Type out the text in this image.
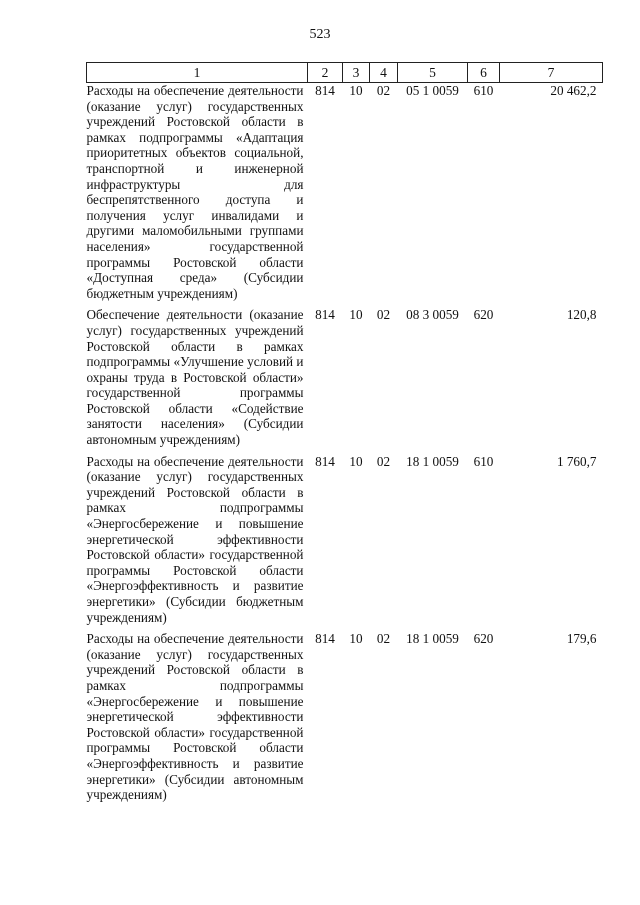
523
1	2	3	4	5	6	7
Расходы на обеспечение деятельности (оказание услуг) государственных учреждений Ростовской области в рамках подпрограммы «Адаптация приоритетных объектов социальной, транспортной и инженерной инфраструктуры для беспрепятственного доступа и получения услуг инвалидами и другими маломобильными группами населения» государственной программы Ростовской области «Доступная среда» (Субсидии бюджетным учреждениям)	814	10	02	05 1 0059	610	20 462,2
Обеспечение деятельности (оказание услуг) государственных учреждений Ростовской области в рамках подпрограммы «Улучшение условий и охраны труда в Ростовской области» государственной программы Ростовской области «Содействие занятости населения» (Субсидии автономным учреждениям)	814	10	02	08 3 0059	620	120,8
Расходы на обеспечение деятельности (оказание услуг) государственных учреждений Ростовской области в рамках подпрограммы «Энергосбережение и повышение энергетической эффективности Ростовской области» государственной программы Ростовской области «Энергоэффективность и развитие энергетики» (Субсидии бюджетным учреждениям)	814	10	02	18 1 0059	610	1 760,7
Расходы на обеспечение деятельности (оказание услуг) государственных учреждений Ростовской области в рамках подпрограммы «Энергосбережение и повышение энергетической эффективности Ростовской области» государственной программы Ростовской области «Энергоэффективность и развитие энергетики» (Субсидии автономным учреждениям)	814	10	02	18 1 0059	620	179,6
